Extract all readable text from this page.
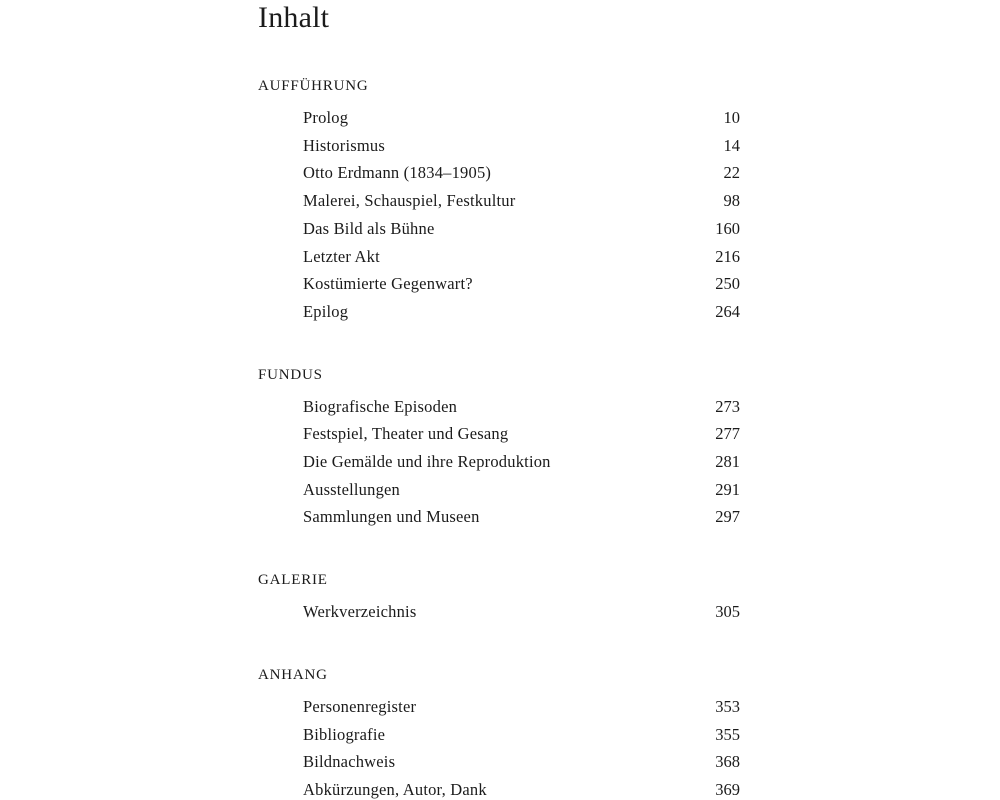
Inhalt
AUFFÜHRUNG
Prolog	10
Historismus	14
Otto Erdmann (1834–1905)	22
Malerei, Schauspiel, Festkultur	98
Das Bild als Bühne	160
Letzter Akt	216
Kostümierte Gegenwart?	250
Epilog	264
FUNDUS
Biografische Episoden	273
Festspiel, Theater und Gesang	277
Die Gemälde und ihre Reproduktion	281
Ausstellungen	291
Sammlungen und Museen	297
GALERIE
Werkverzeichnis	305
ANHANG
Personenregister	353
Bibliografie	355
Bildnachweis	368
Abkürzungen, Autor, Dank	369
